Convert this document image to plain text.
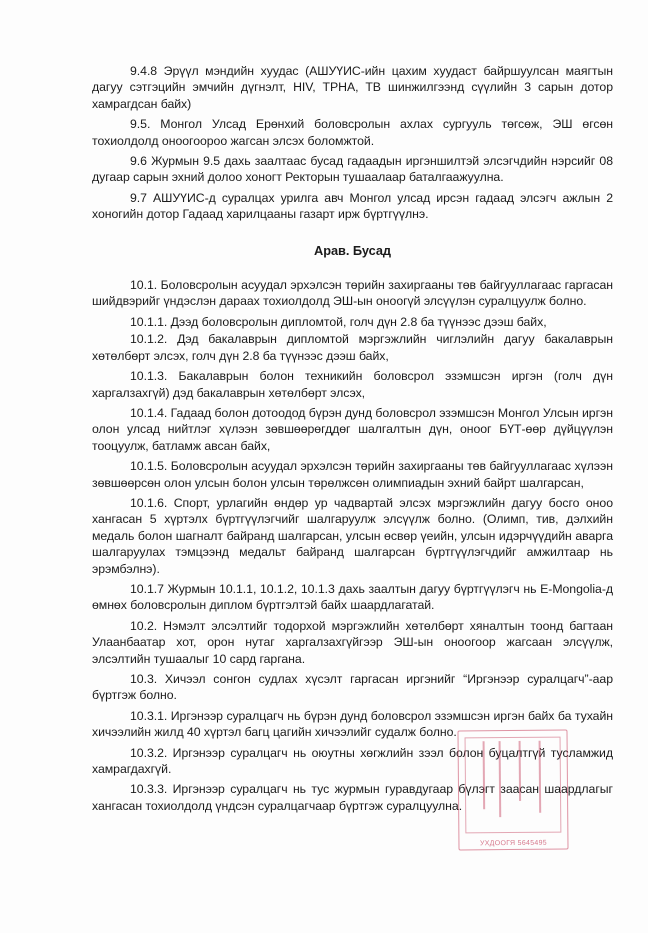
9.4.8 Эрүүл мэндийн хуудас (АШУҮИС-ийн цахим хуудаст байршуулсан маягтын дагуу сэтгэцийн эмчийн дүгнэлт, HIV, TPHA, TB шинжилгээнд сүүлийн 3 сарын дотор хамрагдсан байх)

9.5. Монгол Улсад Ерөнхий боловсролын ахлах сургууль төгсөж, ЭШ өгсөн тохиолдолд оноогоороо жагсан элсэх боломжтой.

9.6 Журмын 9.5 дахь заалтаас бусад гадаадын иргэншилтэй элсэгчдийн нэрсийг 08 дугаар сарын эхний долоо хоногт Ректорын тушаалаар баталгаажуулна.

9.7 АШУҮИС-д суралцах урилга авч Монгол улсад ирсэн гадаад элсэгч ажлын 2 хоногийн дотор Гадаад харилцааны газарт ирж бүртгүүлнэ.

Арав. Бусад

10.1. Боловсролын асуудал эрхэлсэн төрийн захиргааны төв байгууллагаас гаргасан шийдвэрийг үндэслэн дараах тохиолдолд ЭШ-ын оноогүй элсүүлэн суралцуулж болно.

10.1.1. Дээд боловсролын дипломтой, голч дүн 2.8 ба түүнээс дээш байх,

10.1.2. Дэд бакалаврын дипломтой мэргэжлийн чиглэлийн дагуу бакалаврын хөтөлбөрт элсэх, голч дүн 2.8 ба түүнээс дээш байх,

10.1.3. Бакалаврын болон техникийн боловсрол эзэмшсэн иргэн (голч дүн харгалзахгүй) дэд бакалаврын хөтөлбөрт элсэх,

10.1.4. Гадаад болон дотоодод бүрэн дунд боловсрол эзэмшсэн Монгол Улсын иргэн олон улсад нийтлэг хүлээн зөвшөөрөгддөг шалгалтын дүн, оноог БҮТ-өөр дүйцүүлэн тооцуулж, батламж авсан байх,

10.1.5. Боловсролын асуудал эрхэлсэн төрийн захиргааны төв байгууллагаас хүлээн зөвшөөрсөн олон улсын болон улсын төрөлжсөн олимпиадын эхний байрт шалгарсан,

10.1.6. Спорт, урлагийн өндөр ур чадвартай элсэх мэргэжлийн дагуу босго оноо хангасан 5 хүртэлх бүртгүүлэгчийг шалгаруулж элсүүлж болно. (Олимп, тив, дэлхийн медаль болон шагналт байранд шалгарсан, улсын өсвөр үеийн, улсын идэрчүүдийн аварга шалгаруулах тэмцээнд медальт байранд шалгарсан бүртгүүлэгчдийг амжилтаар нь эрэмбэлнэ).

10.1.7 Журмын 10.1.1, 10.1.2, 10.1.3 дахь заалтын дагуу бүртгүүлэгч нь E-Mongolia-д өмнөх боловсролын диплом бүртгэлтэй байх шаардлагатай.

10.2. Нэмэлт элсэлтийг тодорхой мэргэжлийн хөтөлбөрт хяналтын тоонд багтаан Улаанбаатар хот, орон нутаг харгалзахгүйгээр ЭШ-ын оноогоор жагсаан элсүүлж, элсэлтийн тушаалыг 10 сард гаргана.

10.3. Хичээл сонгон судлах хүсэлт гаргасан иргэнийг “Иргэнээр суралцагч”-аар бүртгэж болно.

10.3.1. Иргэнээр суралцагч нь бүрэн дунд боловсрол эзэмшсэн иргэн байх ба тухайн хичээлийн жилд 40 хүртэл багц цагийн хичээлийг судалж болно.

10.3.2. Иргэнээр суралцагч нь оюутны хөгжлийн зээл болон буцалтгүй тусламжид хамрагдахгүй.

10.3.3. Иргэнээр суралцагч нь тус журмын гуравдугаар бүлэгт заасан шаардлагыг хангасан тохиолдолд үндсэн суралцагчаар бүртгэж суралцуулна.

УХДООГЯ 5645495
